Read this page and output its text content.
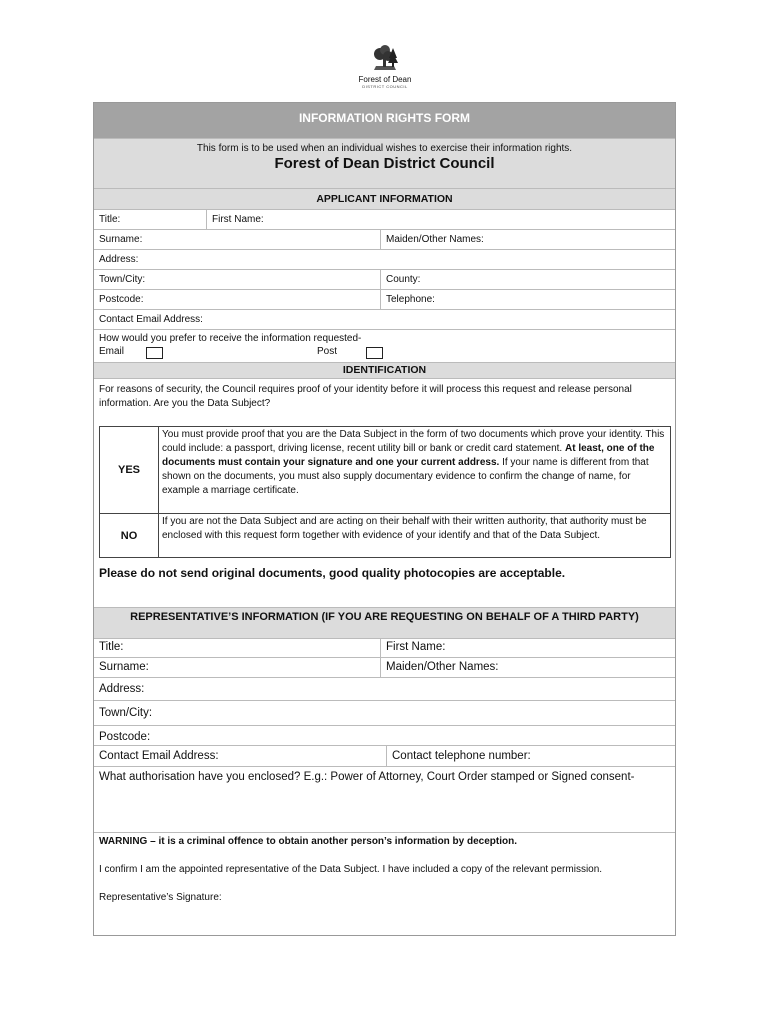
Forest of Dean
DISTRICT COUNCIL
INFORMATION RIGHTS FORM
This form is to be used when an individual wishes to exercise their information rights.
Forest of Dean District Council
APPLICANT INFORMATION
Title:	First Name:
Surname:	Maiden/Other Names:
Address:
Town/City:	County:
Postcode:	Telephone:
Contact Email Address:
How would you prefer to receive the information requested-
Email	Post
IDENTIFICATION
For reasons of security, the Council requires proof of your identity before it will process this request and release personal information. Are you the Data Subject?
REPRESENTATIVE’S INFORMATION (IF YOU ARE REQUESTING ON BEHALF OF A THIRD PARTY)
Title:	First Name:
Surname:	Maiden/Other Names:
Address:
Town/City:
Postcode:
Contact Email Address:	Contact telephone number:
What authorisation have you enclosed? E.g.: Power of Attorney, Court Order stamped or Signed consent-
WARNING – it is a criminal offence to obtain another person’s information by deception.
I confirm I am the appointed representative of the Data Subject. I have included a copy of the relevant permission.
Representative’s Signature:
YES
You must provide proof that you are the Data Subject in the form of two documents which prove your identity. This could include: a passport, driving license, recent utility bill or bank or credit card statement. At least, one of the documents must contain your signature and one your current address. If your name is different from that shown on the documents, you must also supply documentary evidence to confirm the change of name, for example a marriage certificate.
NO
If you are not the Data Subject and are acting on their behalf with their written authority, that authority must be enclosed with this request form together with evidence of your identify and that of the Data Subject.
Please do not send original documents, good quality photocopies are acceptable.
